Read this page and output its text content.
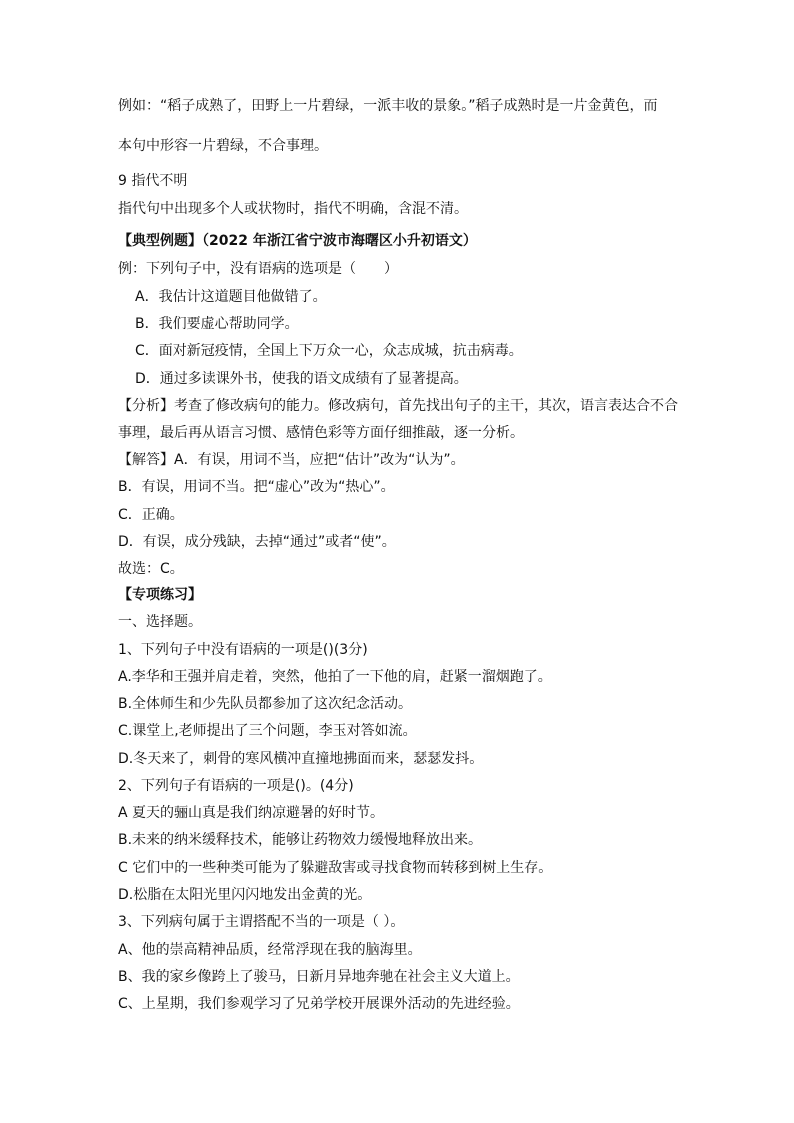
例如：“稻子成熟了，田野上一片碧绿，一派丰收的景象。”稻子成熟时是一片金黄色，而

本句中形容一片碧绿，不合事理。

9 指代不明

指代句中出现多个人或状物时，指代不明确，含混不清。

【典型例题】（2022 年浙江省宁波市海曙区小升初语文）

例：下列句子中，没有语病的选项是（　　）

A．我估计这道题目他做错了。

B．我们要虚心帮助同学。

C．面对新冠疫情，全国上下万众一心，众志成城，抗击病毒。

D．通过多读课外书，使我的语文成绩有了显著提高。

【分析】考查了修改病句的能力。修改病句，首先找出句子的主干，其次，语言表达合不合

事理，最后再从语言习惯、感情色彩等方面仔细推敲，逐一分析。

【解答】A．有误，用词不当，应把“估计”改为“认为”。

B．有误，用词不当。把“虚心”改为“热心”。

C．正确。

D．有误，成分残缺，去掉“通过”或者“使”。

故选：C。

【专项练习】

一、选择题。

1、下列句子中没有语病的一项是()(3分)

A.李华和王强并肩走着，突然，他拍了一下他的肩，赶紧一溜烟跑了。

B.全体师生和少先队员都参加了这次纪念活动。

C.课堂上,老师提出了三个问题，李玉对答如流。

D.冬天来了，刺骨的寒风横冲直撞地拂面而来，瑟瑟发抖。

2、下列句子有语病的一项是()。(4分)

A 夏天的骊山真是我们纳凉避暑的好时节。

B.未来的纳米缓释技术，能够让药物效力缓慢地释放出来。

C 它们中的一些种类可能为了躲避敌害或寻找食物而转移到树上生存。

D.松脂在太阳光里闪闪地发出金黄的光。

3、下列病句属于主谓搭配不当的一项是（ ）。

A、他的崇高精神品质，经常浮现在我的脑海里。

B、我的家乡像跨上了骏马，日新月异地奔驰在社会主义大道上。

C、上星期，我们参观学习了兄弟学校开展课外活动的先进经验。
